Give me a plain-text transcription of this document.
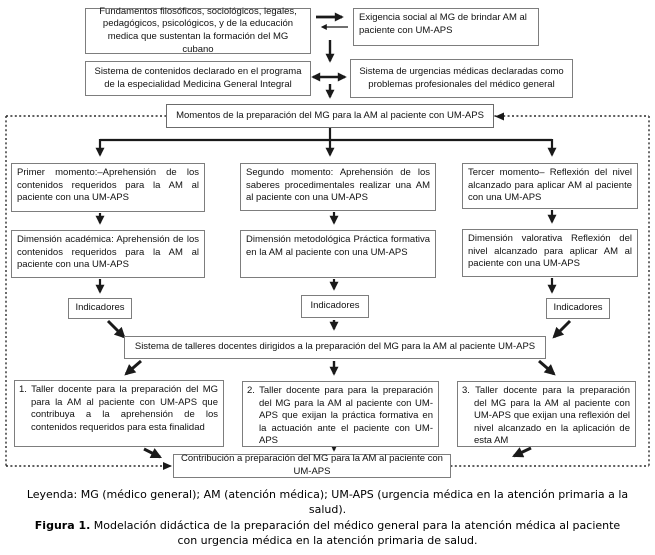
Fundamentos filosóficos, sociológicos, legales, pedagógicos, psicológicos, y de la educación medica que sustentan la formación del MG cubano
Exigencia social al MG de brindar AM al paciente con UM-APS
Sistema de contenidos declarado en el programa de la especialidad Medicina General Integral
Sistema de urgencias médicas declaradas como problemas profesionales del médico general
Momentos de la preparación del MG para la AM al paciente con UM-APS
Primer momento:–Aprehensión de los contenidos requeridos para la AM al paciente con una UM-APS
Segundo momento: Aprehensión de los saberes procedimentales realizar una AM al paciente con una UM-APS
Tercer momento– Reflexión del nivel alcanzado para aplicar AM al paciente con una UM-APS
Dimensión académica: Aprehensión de los contenidos requeridos para la AM al paciente con una UM-APS
Dimensión metodológica Práctica formativa en la AM al paciente con una UM-APS
Dimensión valorativa Reflexión del nivel alcanzado para aplicar AM al paciente con una UM-APS
Indicadores	Indicadores	Indicadores
Sistema de talleres docentes dirigidos a la preparación del MG para la AM al paciente UM-APS
1. Taller docente para la preparación del MG para la AM al paciente con UM-APS que contribuya a la aprehensión de los contenidos requeridos para esta finalidad
2. Taller docente para para la preparación del MG para la AM al paciente con UM-APS que exijan la práctica formativa en la actuación ante el paciente con UM-APS
3. Taller docente para la preparación del MG para la AM al paciente con UM-APS que exijan una reflexión del nivel alcanzado en la aplicación de esta AM
Contribución a preparación del MG para la AM al paciente con UM-APS
Leyenda: MG (médico general); AM (atención médica); UM-APS (urgencia médica en la atención primaria a la salud).
Figura 1. Modelación didáctica de la preparación del médico general para la atención médica al paciente con urgencia médica en la atención primaria de salud.
